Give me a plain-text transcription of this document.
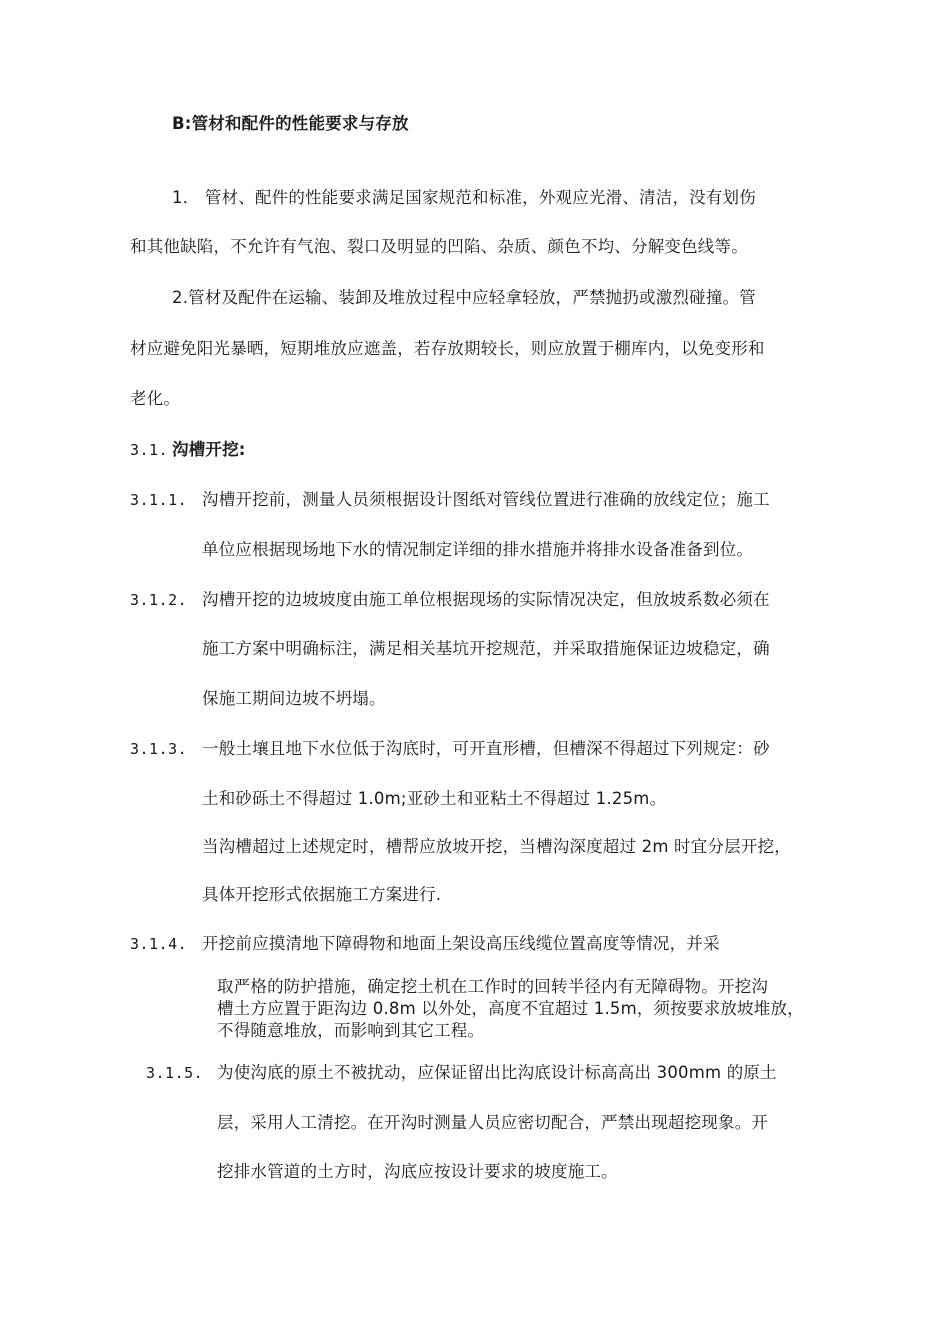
B:管材和配件的性能要求与存放
1． 管材、配件的性能要求满足国家规范和标准，外观应光滑、清洁，没有划伤
和其他缺陷，不允许有气泡、裂口及明显的凹陷、杂质、颜色不均、分解变色线等。
2.管材及配件在运输、装卸及堆放过程中应轻拿轻放，严禁抛扔或激烈碰撞。管
材应避免阳光暴晒，短期堆放应遮盖，若存放期较长，则应放置于棚库内，以免变形和
老化。
3.1. 沟槽开挖:
3.1.1. 沟槽开挖前，测量人员须根据设计图纸对管线位置进行准确的放线定位；施工
单位应根据现场地下水的情况制定详细的排水措施并将排水设备准备到位。
3.1.2. 沟槽开挖的边坡坡度由施工单位根据现场的实际情况决定，但放坡系数必须在
施工方案中明确标注，满足相关基坑开挖规范，并采取措施保证边坡稳定，确
保施工期间边坡不坍塌。
3.1.3. 一般土壤且地下水位低于沟底时，可开直形槽，但槽深不得超过下列规定：砂
土和砂砾土不得超过 1.0m;亚砂土和亚粘土不得超过 1.25m。
当沟槽超过上述规定时，槽帮应放坡开挖，当槽沟深度超过 2m 时宜分层开挖，
具体开挖形式依据施工方案进行.
3.1.4. 开挖前应摸清地下障碍物和地面上架设高压线缆位置高度等情况，并采
取严格的防护措施，确定挖土机在工作时的回转半径内有无障碍物。开挖沟
槽土方应置于距沟边 0.8m 以外处，高度不宜超过 1.5m，须按要求放坡堆放，
不得随意堆放，而影响到其它工程。
3.1.5. 为使沟底的原土不被扰动，应保证留出比沟底设计标高高出 300mm 的原土
层，采用人工清挖。在开沟时测量人员应密切配合，严禁出现超挖现象。开
挖排水管道的土方时，沟底应按设计要求的坡度施工。
